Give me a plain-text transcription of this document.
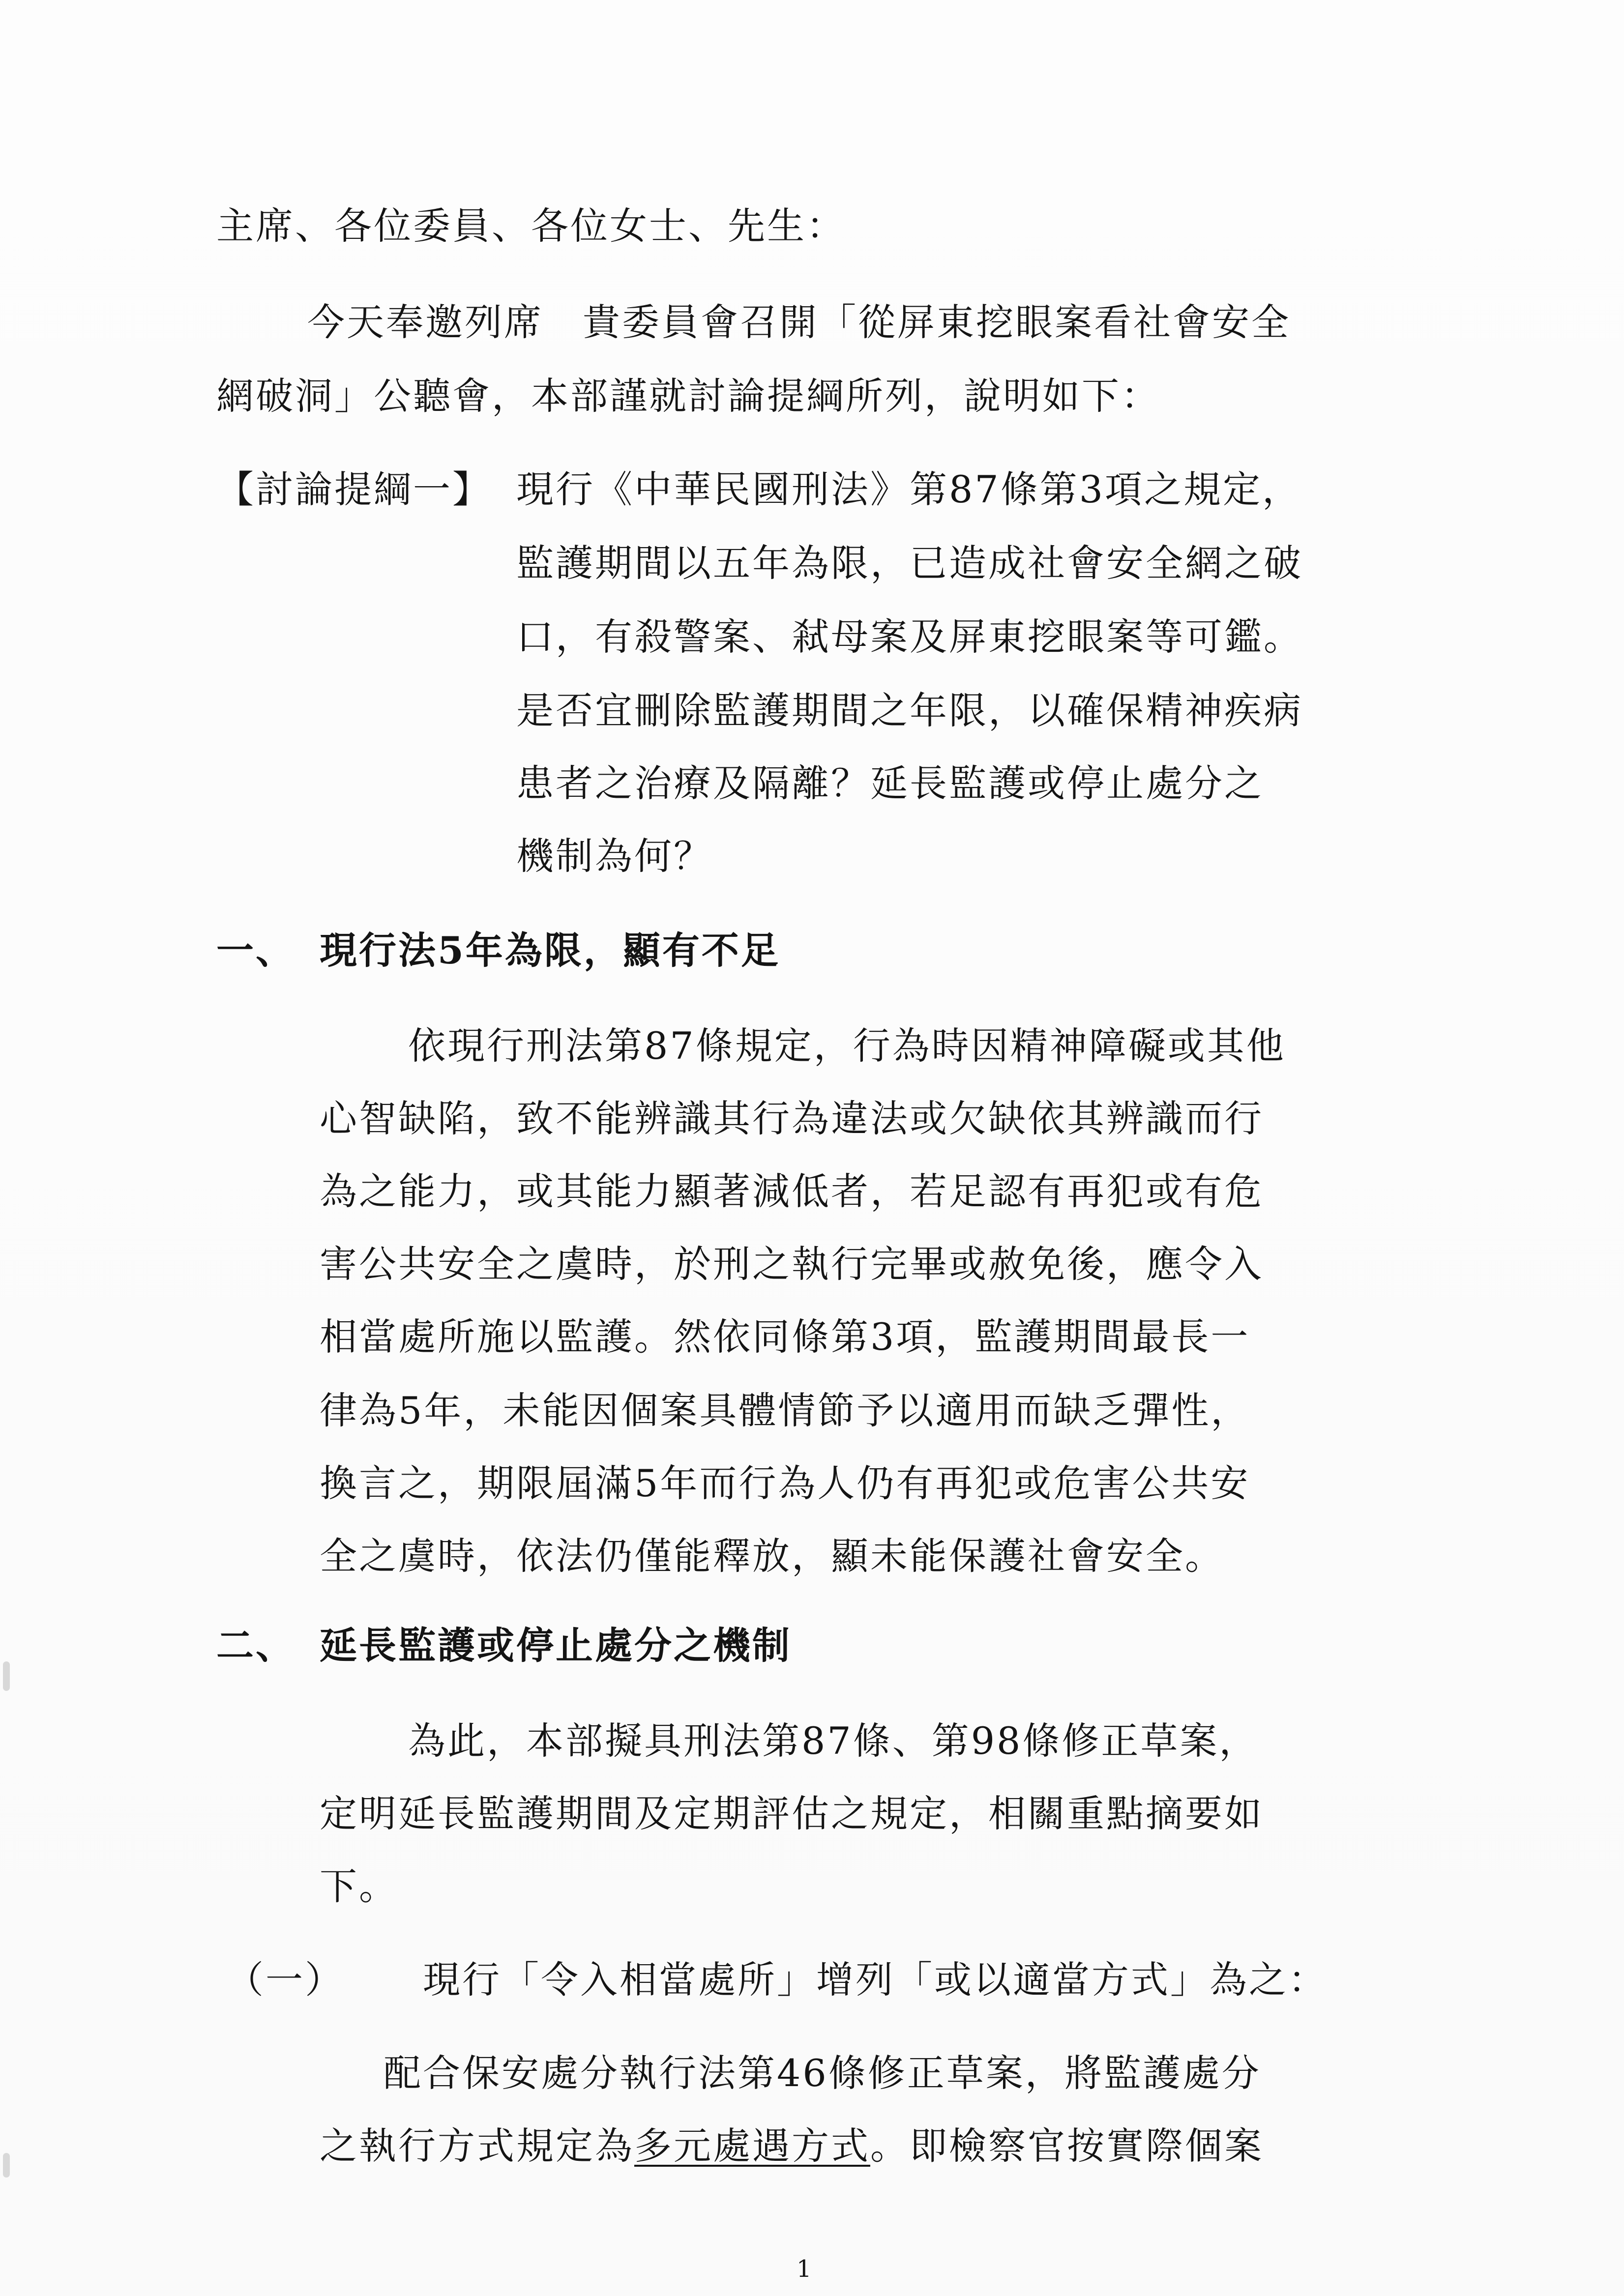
主席、各位委員、各位女士、先生：
今天奉邀列席　貴委員會召開「從屏東挖眼案看社會安全
網破洞」公聽會，本部謹就討論提綱所列，說明如下：
【討論提綱一】 現行《中華民國刑法》第87條第3項之規定，
監護期間以五年為限，已造成社會安全網之破
口，有殺警案、弒母案及屏東挖眼案等可鑑。
是否宜刪除監護期間之年限，以確保精神疾病
患者之治療及隔離？延長監護或停止處分之
機制為何？
一、 現行法5年為限，顯有不足
依現行刑法第87條規定，行為時因精神障礙或其他
心智缺陷，致不能辨識其行為違法或欠缺依其辨識而行
為之能力，或其能力顯著減低者，若足認有再犯或有危
害公共安全之虞時，於刑之執行完畢或赦免後，應令入
相當處所施以監護。然依同條第3項，監護期間最長一
律為5年，未能因個案具體情節予以適用而缺乏彈性，
換言之，期限屆滿5年而行為人仍有再犯或危害公共安
全之虞時，依法仍僅能釋放，顯未能保護社會安全。
二、 延長監護或停止處分之機制
為此，本部擬具刑法第87條、第98條修正草案，
定明延長監護期間及定期評估之規定，相關重點摘要如
下。
（一） 現行「令入相當處所」增列「或以適當方式」為之：
配合保安處分執行法第46條修正草案，將監護處分
之執行方式規定為多元處遇方式。即檢察官按實際個案
1
